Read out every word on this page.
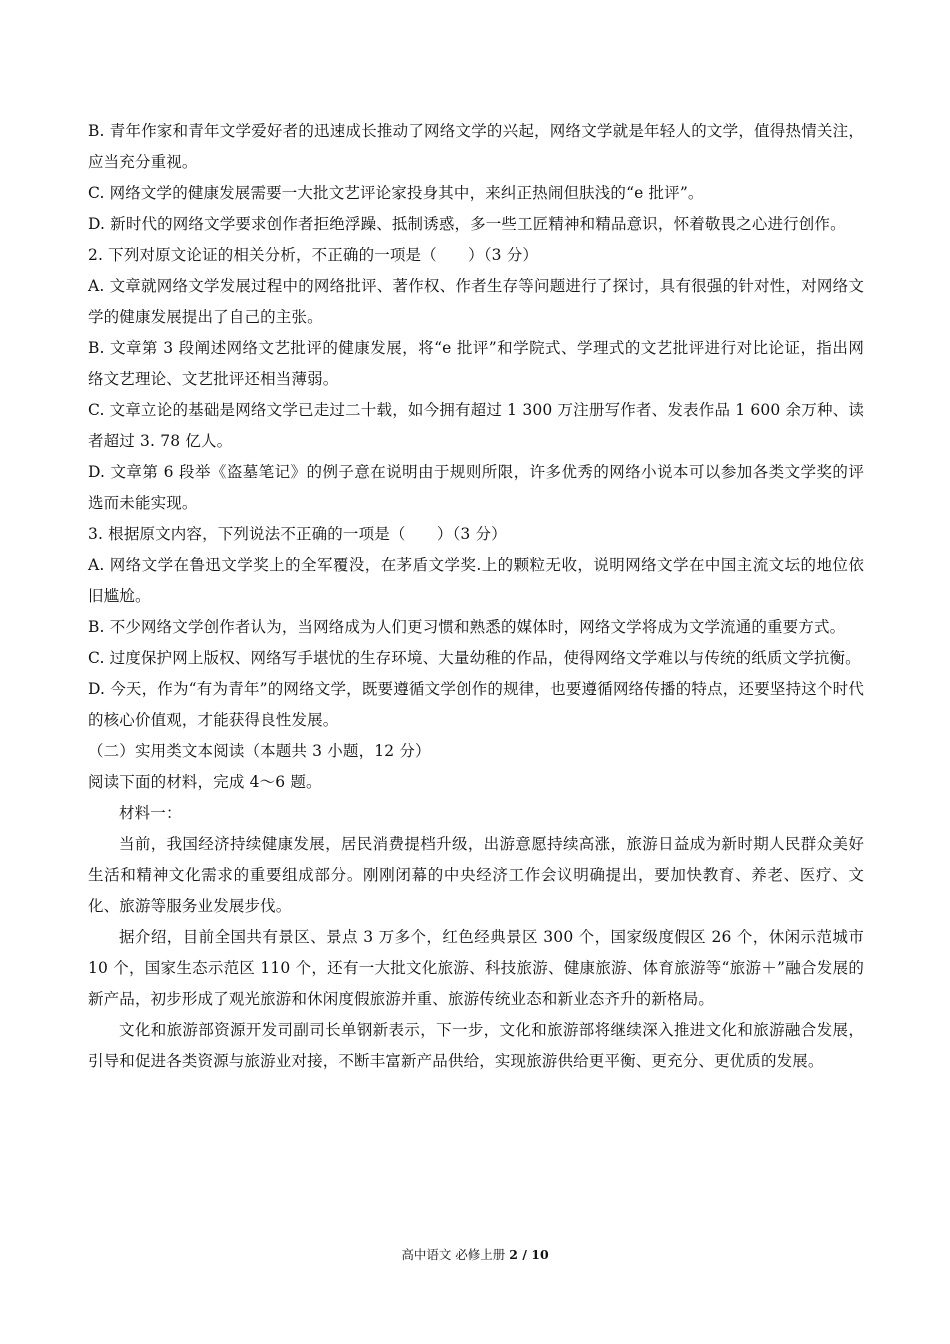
B. 青年作家和青年文学爱好者的迅速成长推动了网络文学的兴起，网络文学就是年轻人的文学，值得热情关注，应当充分重视。

C. 网络文学的健康发展需要一大批文艺评论家投身其中，来纠正热闹但肤浅的“e 批评”。

D. 新时代的网络文学要求创作者拒绝浮躁、抵制诱惑，多一些工匠精神和精品意识，怀着敬畏之心进行创作。

2. 下列对原文论证的相关分析，不正确的一项是（　　）（3 分）

A. 文章就网络文学发展过程中的网络批评、著作权、作者生存等问题进行了探讨，具有很强的针对性，对网络文学的健康发展提出了自己的主张。

B. 文章第 3 段阐述网络文艺批评的健康发展，将“e 批评”和学院式、学理式的文艺批评进行对比论证，指出网络文艺理论、文艺批评还相当薄弱。

C. 文章立论的基础是网络文学已走过二十载，如今拥有超过 1 300 万注册写作者、发表作品 1 600 余万种、读者超过 3. 78 亿人。

D. 文章第 6 段举《盗墓笔记》的例子意在说明由于规则所限，许多优秀的网络小说本可以参加各类文学奖的评选而未能实现。

3. 根据原文内容，下列说法不正确的一项是（　　）（3 分）

A. 网络文学在鲁迅文学奖上的全军覆没，在茅盾文学奖.上的颗粒无收，说明网络文学在中国主流文坛的地位依旧尴尬。

B. 不少网络文学创作者认为，当网络成为人们更习惯和熟悉的媒体时，网络文学将成为文学流通的重要方式。

C. 过度保护网上版权、网络写手堪忧的生存环境、大量幼稚的作品，使得网络文学难以与传统的纸质文学抗衡。

D. 今天，作为“有为青年”的网络文学，既要遵循文学创作的规律，也要遵循网络传播的特点，还要坚持这个时代的核心价值观，才能获得良性发展。

（二）实用类文本阅读（本题共 3 小题，12 分）

阅读下面的材料，完成 4～6 题。

材料一：

当前，我国经济持续健康发展，居民消费提档升级，出游意愿持续高涨，旅游日益成为新时期人民群众美好生活和精神文化需求的重要组成部分。刚刚闭幕的中央经济工作会议明确提出，要加快教育、养老、医疗、文化、旅游等服务业发展步伐。

据介绍，目前全国共有景区、景点 3 万多个，红色经典景区 300 个，国家级度假区 26 个，休闲示范城市 10 个，国家生态示范区 110 个，还有一大批文化旅游、科技旅游、健康旅游、体育旅游等“旅游＋”融合发展的新产品，初步形成了观光旅游和休闲度假旅游并重、旅游传统业态和新业态齐升的新格局。

文化和旅游部资源开发司副司长单钢新表示，下一步，文化和旅游部将继续深入推进文化和旅游融合发展，引导和促进各类资源与旅游业对接，不断丰富新产品供给，实现旅游供给更平衡、更充分、更优质的发展。

高中语文 必修上册 2 / 10
